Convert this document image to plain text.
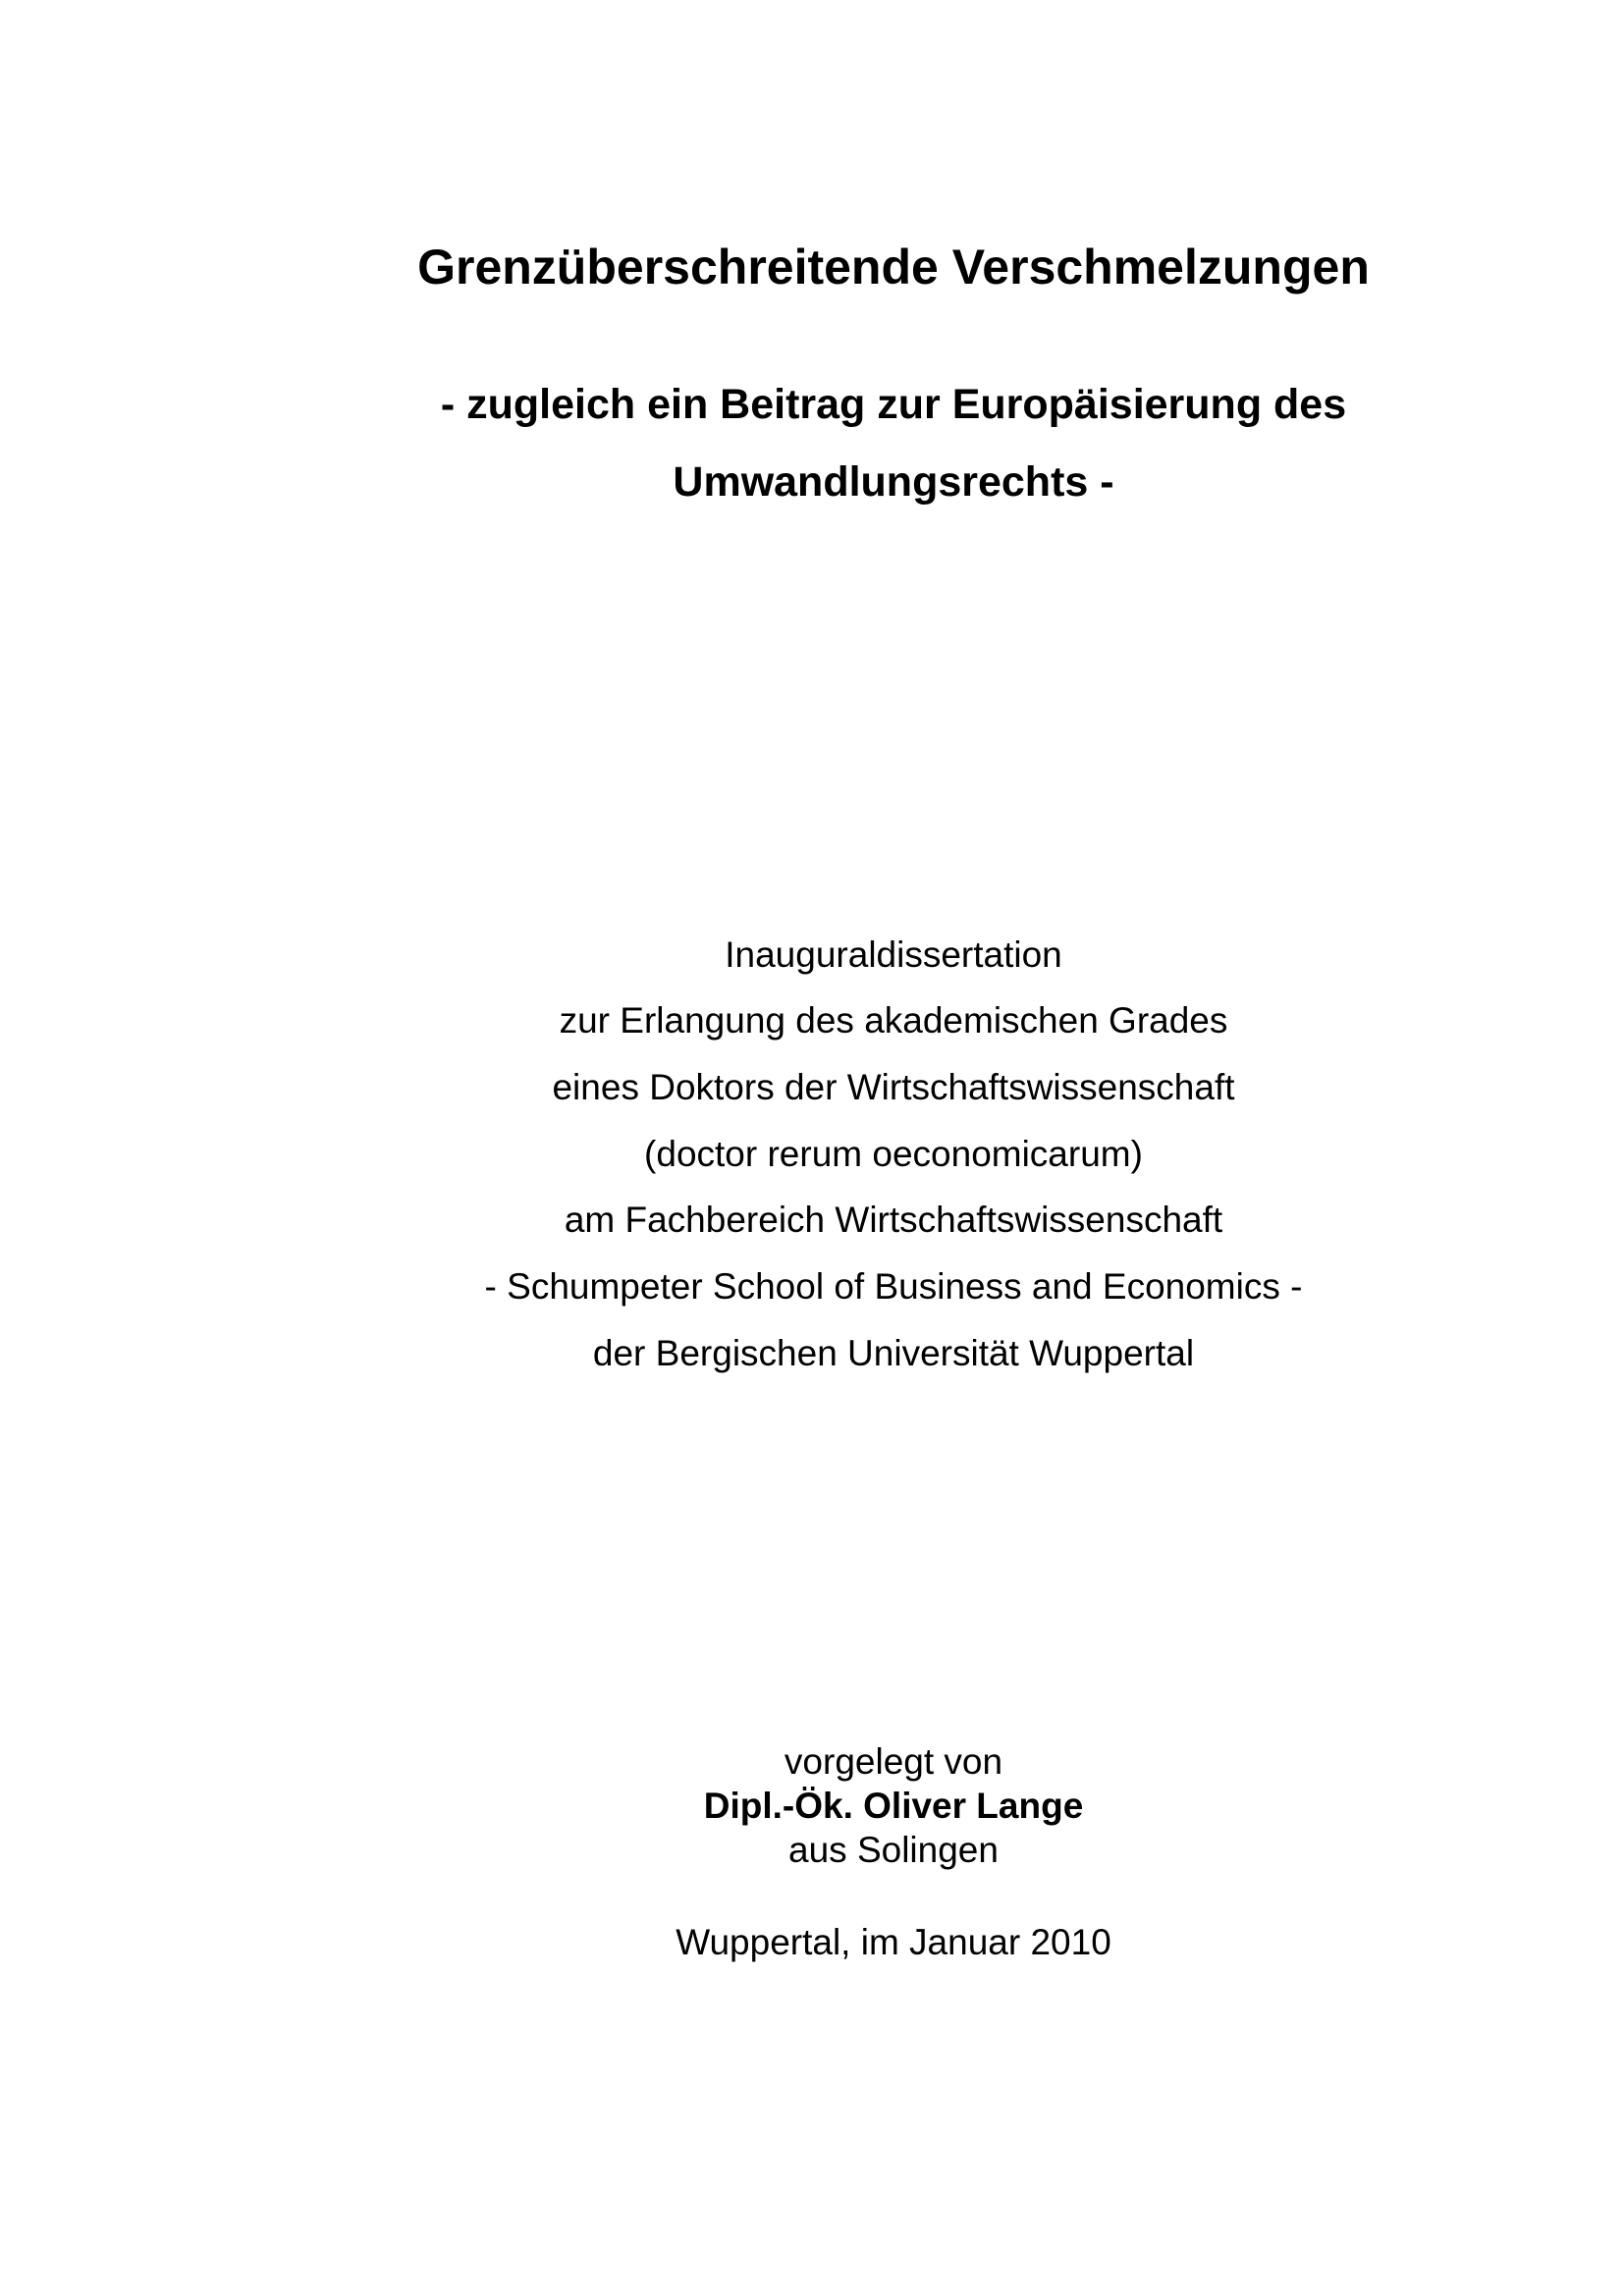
Grenzüberschreitende Verschmelzungen
- zugleich ein Beitrag zur Europäisierung des
Umwandlungsrechts -
Inauguraldissertation
zur Erlangung des akademischen Grades
eines Doktors der Wirtschaftswissenschaft
(doctor rerum oeconomicarum)
am Fachbereich Wirtschaftswissenschaft
- Schumpeter School of Business and Economics -
der Bergischen Universität Wuppertal
vorgelegt von
Dipl.-Ök. Oliver Lange
aus Solingen
Wuppertal, im Januar 2010
